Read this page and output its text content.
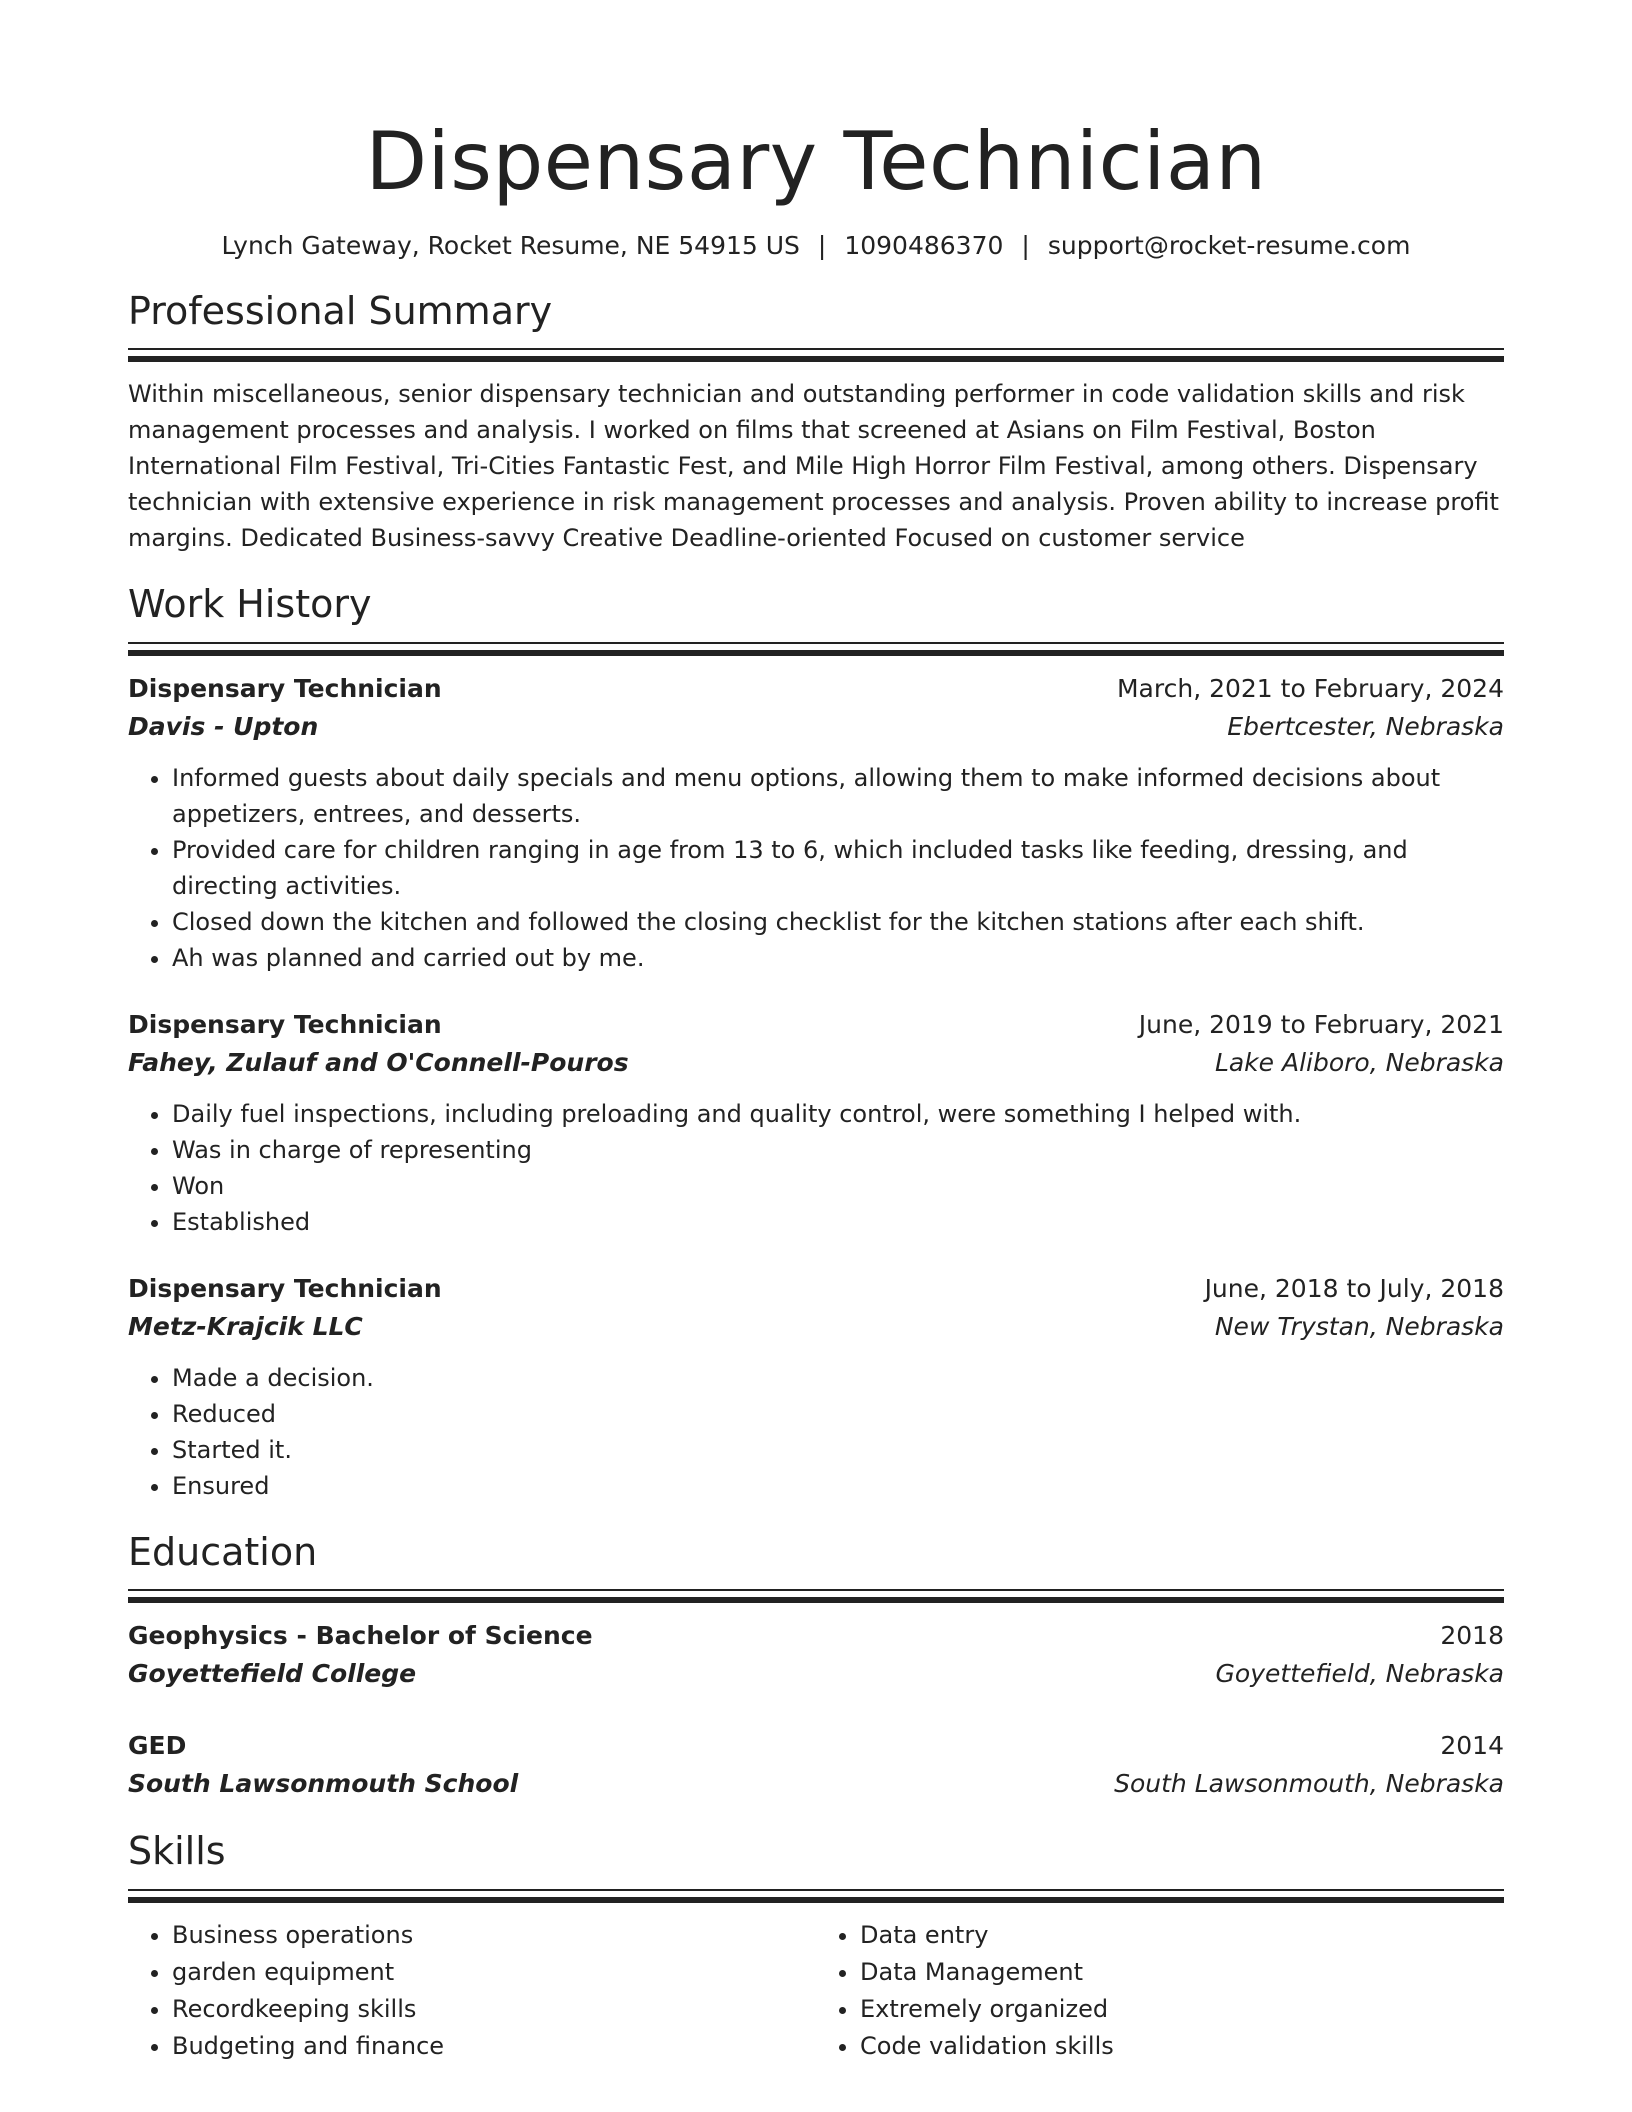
Dispensary Technician
Lynch Gateway, Rocket Resume, NE 54915 US | 1090486370 | support@rocket-resume.com
Professional Summary

Within miscellaneous, senior dispensary technician and outstanding performer in code validation skills and risk management processes and analysis. I worked on films that screened at Asians on Film Festival, Boston International Film Festival, Tri-Cities Fantastic Fest, and Mile High Horror Film Festival, among others. Dispensary technician with extensive experience in risk management processes and analysis. Proven ability to increase profit margins. Dedicated Business-savvy Creative Deadline-oriented Focused on customer service

Work History
Dispensary Technician	March, 2021 to February, 2024
Davis - Upton	Ebertcester, Nebraska
• Informed guests about daily specials and menu options, allowing them to make informed decisions about appetizers, entrees, and desserts.
• Provided care for children ranging in age from 13 to 6, which included tasks like feeding, dressing, and directing activities.
• Closed down the kitchen and followed the closing checklist for the kitchen stations after each shift.
• Ah was planned and carried out by me.
Dispensary Technician	June, 2019 to February, 2021
Fahey, Zulauf and O'Connell-Pouros	Lake Aliboro, Nebraska
• Daily fuel inspections, including preloading and quality control, were something I helped with.
• Was in charge of representing
• Won
• Established
Dispensary Technician	June, 2018 to July, 2018
Metz-Krajcik LLC	New Trystan, Nebraska
• Made a decision.
• Reduced
• Started it.
• Ensured
Education
Geophysics - Bachelor of Science	2018
Goyettefield College	Goyettefield, Nebraska
GED	2014
South Lawsonmouth School	South Lawsonmouth, Nebraska
Skills
• Business operations
• garden equipment
• Recordkeeping skills
• Budgeting and finance
• Data entry
• Data Management
• Extremely organized
• Code validation skills
